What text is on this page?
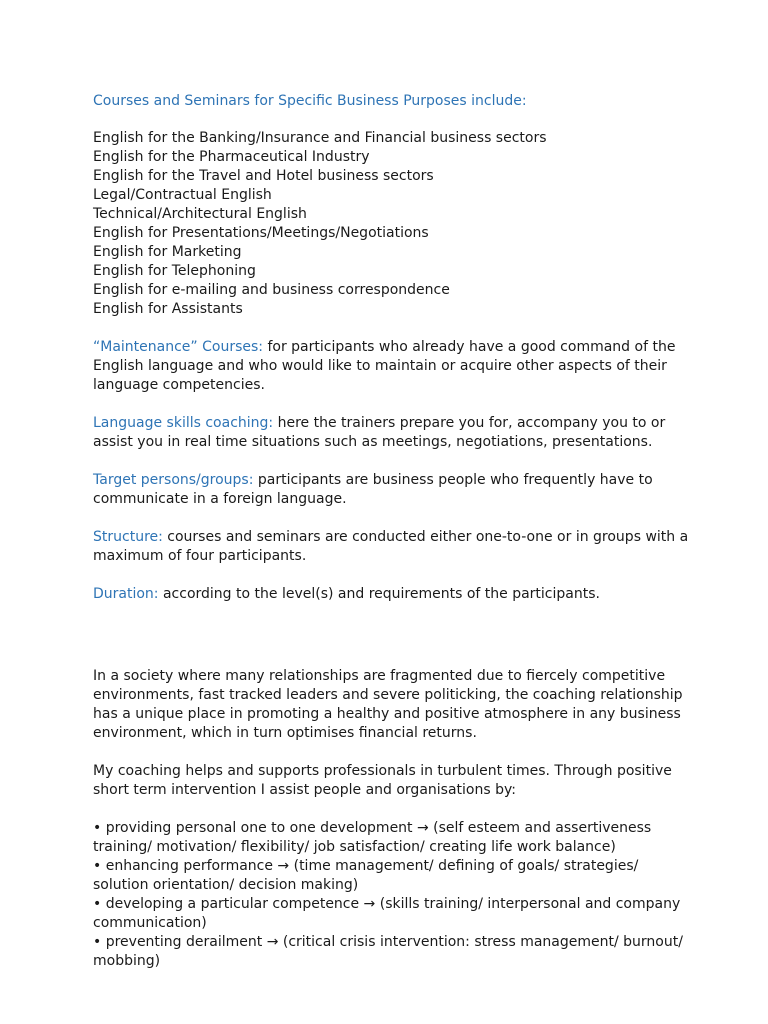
Courses and Seminars for Specific Business Purposes include:
English for the Banking/Insurance and Financial business sectors
English for the Pharmaceutical Industry
English for the Travel and Hotel business sectors
Legal/Contractual English
Technical/Architectural English
English for Presentations/Meetings/Negotiations
English for Marketing
English for Telephoning
English for e-mailing and business correspondence
English for Assistants

“Maintenance” Courses: for participants who already have a good command of the English language and who would like to maintain or acquire other aspects of their language competencies.

Language skills coaching: here the trainers prepare you for, accompany you to or assist you in real time situations such as meetings, negotiations, presentations.

Target persons/groups: participants are business people who frequently have to communicate in a foreign language.

Structure: courses and seminars are conducted either one-to-one or in groups with a maximum of four participants.

Duration: according to the level(s) and requirements of the participants.

In a society where many relationships are fragmented due to fiercely competitive environments, fast tracked leaders and severe politicking, the coaching relationship has a unique place in promoting a healthy and positive atmosphere in any business environment, which in turn optimises financial returns.

My coaching helps and supports professionals in turbulent times. Through positive short term intervention I assist people and organisations by:

• providing personal one to one development → (self esteem and assertiveness training/ motivation/ flexibility/ job satisfaction/ creating life work balance)
• enhancing performance → (time management/ defining of goals/ strategies/ solution orientation/ decision making)
• developing a particular competence → (skills training/ interpersonal and company communication)
• preventing derailment → (critical crisis intervention: stress management/ burnout/ mobbing)
